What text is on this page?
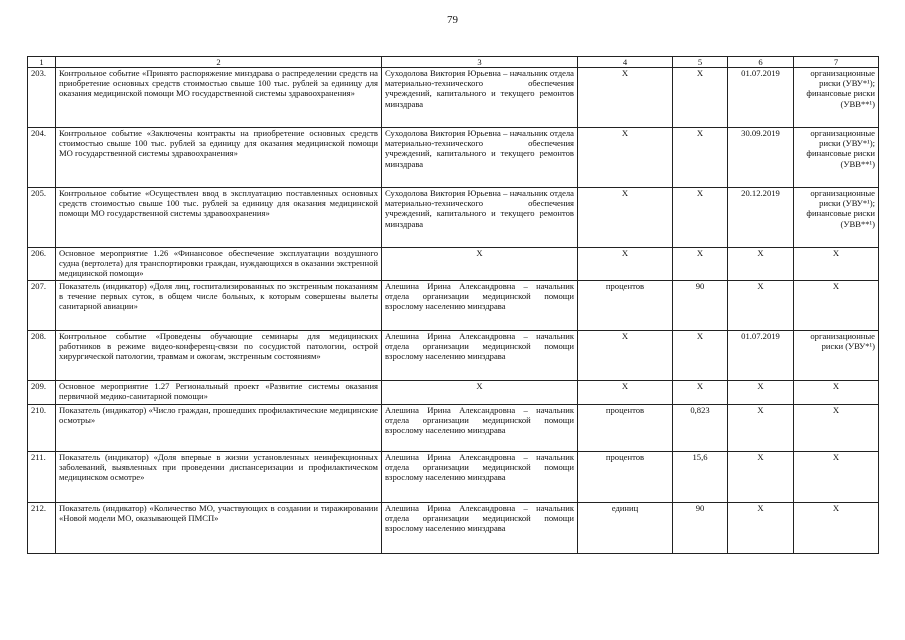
79
1	2	3	4	5	6	7
203.	Контрольное событие «Принято распоряжение минздрава о распределении средств на приобретение основных средств стоимостью свыше 100 тыс. рублей за единицу для оказания медицинской помощи МО государственной системы здравоохранения»	Суходолова Виктория Юрьевна – начальник отдела материально-технического обеспечения учреждений, капитального и текущего ремонтов минздрава	Х	Х	01.07.2019	организационные риски (УВУ*¹); финансовые риски (УВВ**¹)
204.	Контрольное событие «Заключены контракты на приобретение основных средств стоимостью свыше 100 тыс. рублей за единицу для оказания медицинской помощи МО государственной системы здравоохранения»	Суходолова Виктория Юрьевна – начальник отдела материально-технического обеспечения учреждений, капитального и текущего ремонтов минздрава	Х	Х	30.09.2019	организационные риски (УВУ*¹); финансовые риски (УВВ**¹)
205.	Контрольное событие «Осуществлен ввод в эксплуатацию поставленных основных средств стоимостью свыше 100 тыс. рублей за единицу для оказания медицинской помощи МО государственной системы здравоохранения»	Суходолова Виктория Юрьевна – начальник отдела материально-технического обеспечения учреждений, капитального и текущего ремонтов минздрава	Х	Х	20.12.2019	организационные риски (УВУ*¹); финансовые риски (УВВ**¹)
206.	Основное мероприятие 1.26 «Финансовое обеспечение эксплуатации воздушного судна (вертолета) для транспортировки граждан, нуждающихся в оказании экстренной медицинской помощи»	Х	Х	Х	Х	Х
207.	Показатель (индикатор) «Доля лиц, госпитализированных по экстренным показаниям в течение первых суток, в общем числе больных, к которым совершены вылеты санитарной авиации»	Алешина Ирина Александровна – начальник отдела организации медицинской помощи взрослому населению минздрава	процентов	90	Х	Х
208.	Контрольное событие «Проведены обучающие семинары для медицинских работников в режиме видео-конференц-связи по сосудистой патологии, острой хирургической патологии, травмам и ожогам, экстренным состояниям»	Алешина Ирина Александровна – начальник отдела организации медицинской помощи взрослому населению минздрава	Х	Х	01.07.2019	организационные риски (УВУ*¹)
209.	Основное мероприятие 1.27 Региональный проект «Развитие системы оказания первичной медико-санитарной помощи»	Х	Х	Х	Х	Х
210.	Показатель (индикатор) «Число граждан, прошедших профилактические медицинские осмотры»	Алешина Ирина Александровна – начальник отдела организации медицинской помощи взрослому населению минздрава	процентов	0,823	Х	Х
211.	Показатель (индикатор) «Доля впервые в жизни установленных неинфекционных заболеваний, выявленных при проведении диспансеризации и профилактическом медицинском осмотре»	Алешина Ирина Александровна – начальник отдела организации медицинской помощи взрослому населению минздрава	процентов	15,6	Х	Х
212.	Показатель (индикатор) «Количество МО, участвующих в создании и тиражировании «Новой модели МО, оказывающей ПМСП»	Алешина Ирина Александровна – начальник отдела организации медицинской помощи взрослому населению минздрава	единиц	90	Х	Х
